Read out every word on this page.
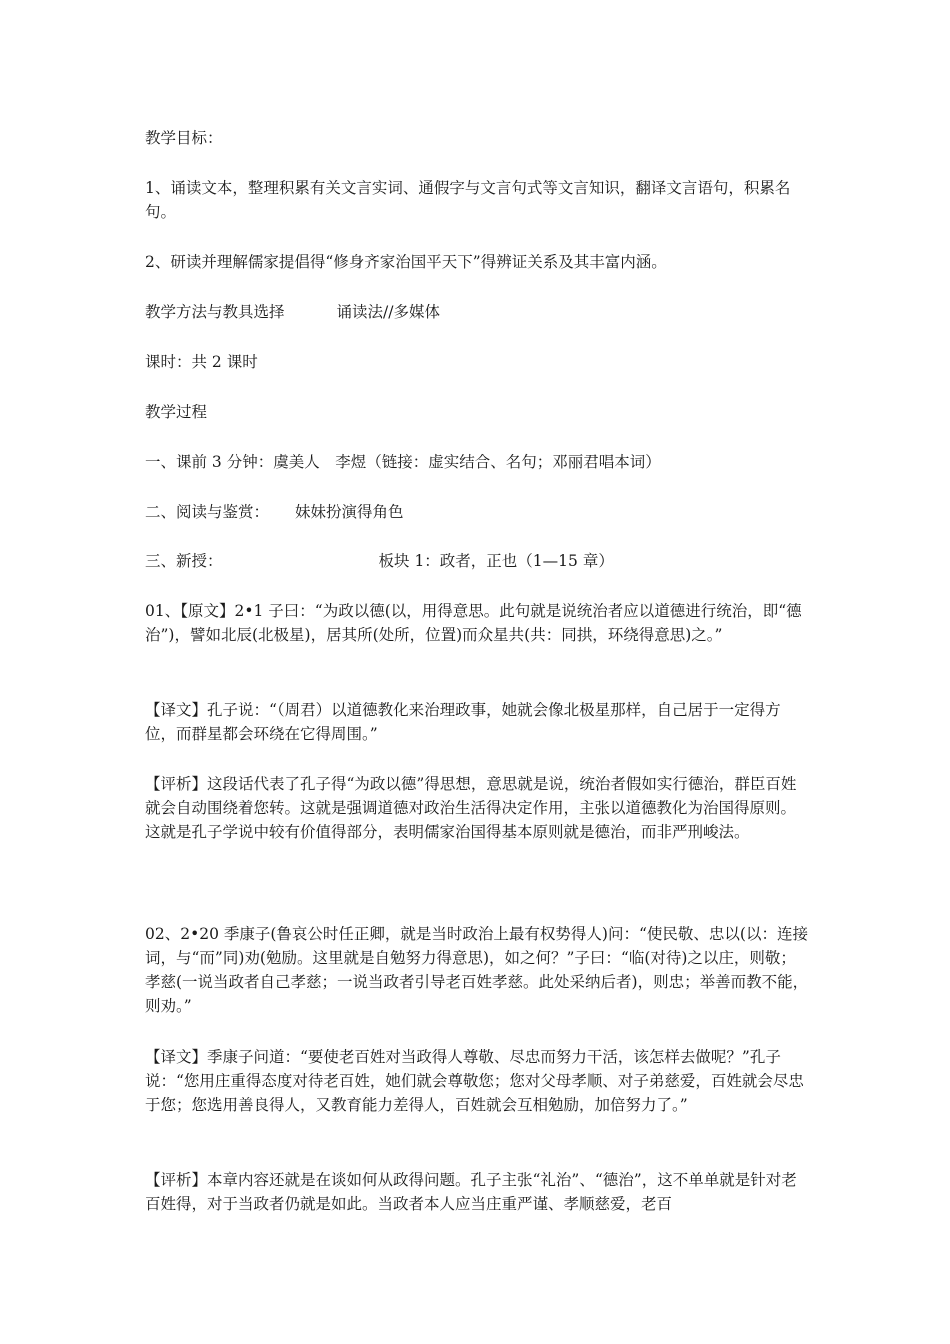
教学目标：

1、诵读文本，整理积累有关文言实词、通假字与文言句式等文言知识，翻译文言语句，积累名句。

2、研读并理解儒家提倡得“修身齐家治国平天下”得辨证关系及其丰富内涵。

教学方法与教具选择	诵读法//多媒体

课时：共 2 课时

教学过程

一、课前 3 分钟：虞美人　李煜（链接：虚实结合、名句；邓丽君唱本词）

二、阅读与鉴赏： 妹妹扮演得角色

三、新授：	板块 1：政者，正也（1—15 章）

01、【原文】2•1 子曰：“为政以德(以，用得意思。此句就是说统治者应以道德进行统治，即“德治”)，譬如北辰(北极星)，居其所(处所，位置)而众星共(共：同拱，环绕得意思)之。”

【译文】孔子说：“（周君）以道德教化来治理政事，她就会像北极星那样，自己居于一定得方位，而群星都会环绕在它得周围。”

【评析】这段话代表了孔子得“为政以德”得思想，意思就是说，统治者假如实行德治，群臣百姓就会自动围绕着您转。这就是强调道德对政治生活得决定作用，主张以道德教化为治国得原则。这就是孔子学说中较有价值得部分，表明儒家治国得基本原则就是德治，而非严刑峻法。

02、2•20 季康子(鲁哀公时任正卿，就是当时政治上最有权势得人)问：“使民敬、忠以(以：连接词，与“而”同)劝(勉励。这里就是自勉努力得意思)，如之何？”子曰：“临(对待)之以庄，则敬；孝慈(一说当政者自己孝慈；一说当政者引导老百姓孝慈。此处采纳后者)，则忠；举善而教不能，则劝。”

【译文】季康子问道：“要使老百姓对当政得人尊敬、尽忠而努力干活，该怎样去做呢？”孔子说：“您用庄重得态度对待老百姓，她们就会尊敬您；您对父母孝顺、对子弟慈爱，百姓就会尽忠于您；您选用善良得人，又教育能力差得人，百姓就会互相勉励，加倍努力了。”

【评析】本章内容还就是在谈如何从政得问题。孔子主张“礼治”、“德治”，这不单单就是针对老百姓得，对于当政者仍就是如此。当政者本人应当庄重严谨、孝顺慈爱，老百
